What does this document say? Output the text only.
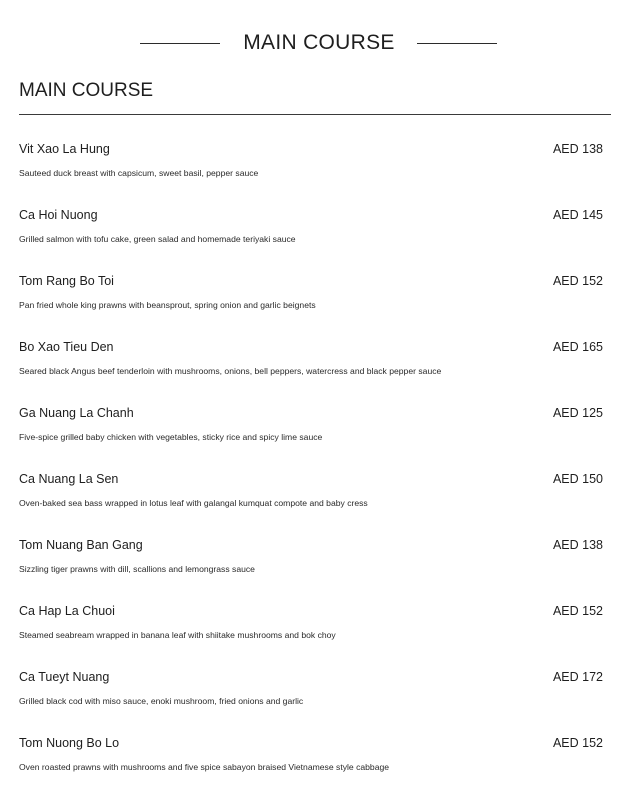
MAIN COURSE
MAIN COURSE
Vit Xao La Hung	AED 138
Sauteed duck breast with capsicum, sweet basil, pepper sauce
Ca Hoi Nuong	AED 145
Grilled salmon with tofu cake, green salad and homemade teriyaki sauce
Tom Rang Bo Toi	AED 152
Pan fried whole king prawns with beansprout, spring onion and garlic beignets
Bo Xao Tieu Den	AED 165
Seared black Angus beef tenderloin with mushrooms, onions, bell peppers, watercress and black pepper sauce
Ga Nuang La Chanh	AED 125
Five-spice grilled baby chicken with vegetables, sticky rice and spicy lime sauce
Ca Nuang La Sen	AED 150
Oven-baked sea bass wrapped in lotus leaf with galangal kumquat compote and baby cress
Tom Nuang Ban Gang	AED 138
Sizzling tiger prawns with dill, scallions and lemongrass sauce
Ca Hap La Chuoi	AED 152
Steamed seabream wrapped in banana leaf with shiitake mushrooms and bok choy
Ca Tueyt Nuang	AED 172
Grilled black cod with miso sauce, enoki mushroom, fried onions and garlic
Tom Nuong Bo Lo	AED 152
Oven roasted prawns with mushrooms and five spice sabayon braised Vietnamese style cabbage
